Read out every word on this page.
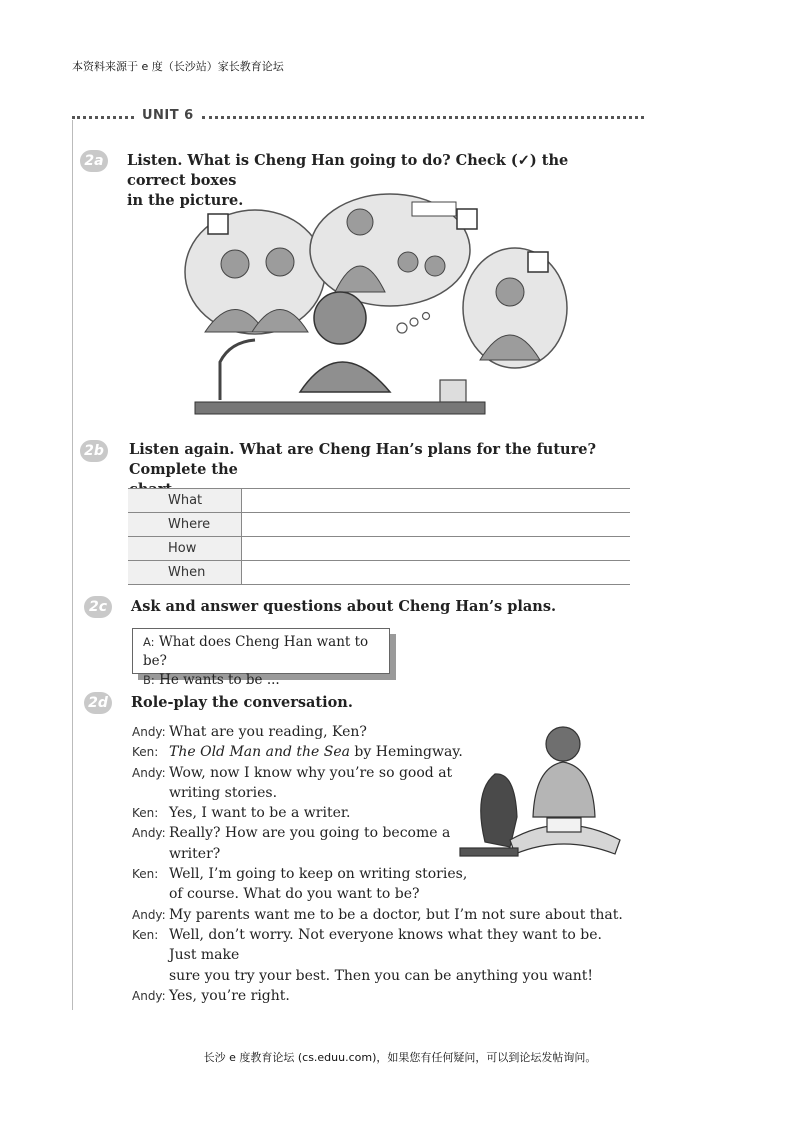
本资料来源于 e 度（长沙站）家长教育论坛
UNIT 6
2a	Listen. What is Cheng Han going to do? Check (✓) the correct boxes
in the picture.
2b Listen again. What are Cheng Han’s plans for the future? Complete the
What
Where
How
When
2c	Ask and answer questions about Cheng Han’s plans.
A: What does Cheng Han want to be?
B: He wants to be ...
2d Role-play the conversation.
Andy: What are you reading, Ken?
Ken: The Old Man and the Sea by Hemingway.
Andy: Wow, now I know why you’re so good at
writing stories.
Ken: Yes, I want to be a writer.
Andy: Really? How are you going to become a
writer?
Ken: Well, I’m going to keep on writing stories,
of course. What do you want to be?
Andy: My parents want me to be a doctor, but I’m not sure about that.
Ken: Well, don’t worry. Not everyone knows what they want to be. Just make
sure you try your best. Then you can be anything you want!
Andy: Yes, you’re right.
长沙 e 度教育论坛 (cs.eduu.com)，如果您有任何疑问，可以到论坛发帖询问。
